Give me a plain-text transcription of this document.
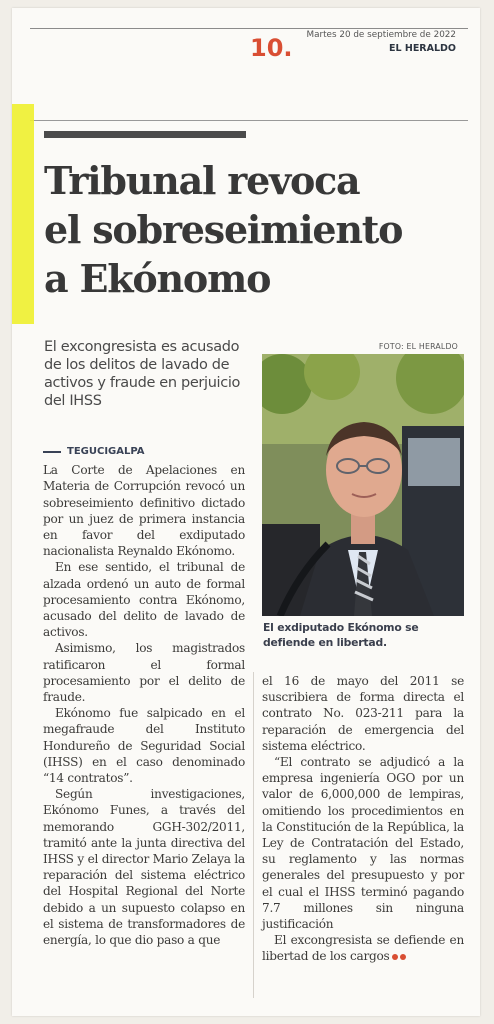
10. Martes 20 de septiembre de 2022
EL HERALDO
Tribunal revoca
el sobreseimiento
a Ekónomo
El excongresista es acusado de los delitos de lavado de activos y fraude en perjuicio del IHSS
FOTO: EL HERALDO
El exdiputado Ekónomo se defiende en libertad.
TEGUCIGALPA

La Corte de Apelaciones en Materia de Corrupción revocó un sobreseimiento definitivo dictado por un juez de primera instancia en favor del exdiputado nacionalista Reynaldo Ekónomo.

En ese sentido, el tribunal de alzada ordenó un auto de formal procesamiento contra Ekónomo, acusado del delito de lavado de activos.

Asimismo, los magistrados ratificaron el formal procesamiento por el delito de fraude.

Ekónomo fue salpicado en el megafraude del Instituto Hondureño de Seguridad Social (IHSS) en el caso denominado “14 contratos”.

Según investigaciones, Ekónomo Funes, a través del memorando GGH-302/2011, tramitó ante la junta directiva del IHSS y el director Mario Zelaya la reparación del sistema eléctrico del Hospital Regional del Norte debido a un supuesto colapso en el sistema de transformadores de energía, lo que dio paso a que

el 16 de mayo del 2011 se suscribiera de forma directa el contrato No. 023-211 para la reparación de emergencia del sistema eléctrico.

“El contrato se adjudicó a la empresa ingeniería OGO por un valor de 6,000,000 de lempiras, omitiendo los procedimientos en la Constitución de la República, la Ley de Contratación del Estado, su reglamento y las normas generales del presupuesto y por el cual el IHSS terminó pagando 7.7 millones sin ninguna justificación

El excongresista se defiende en libertad de los cargos
